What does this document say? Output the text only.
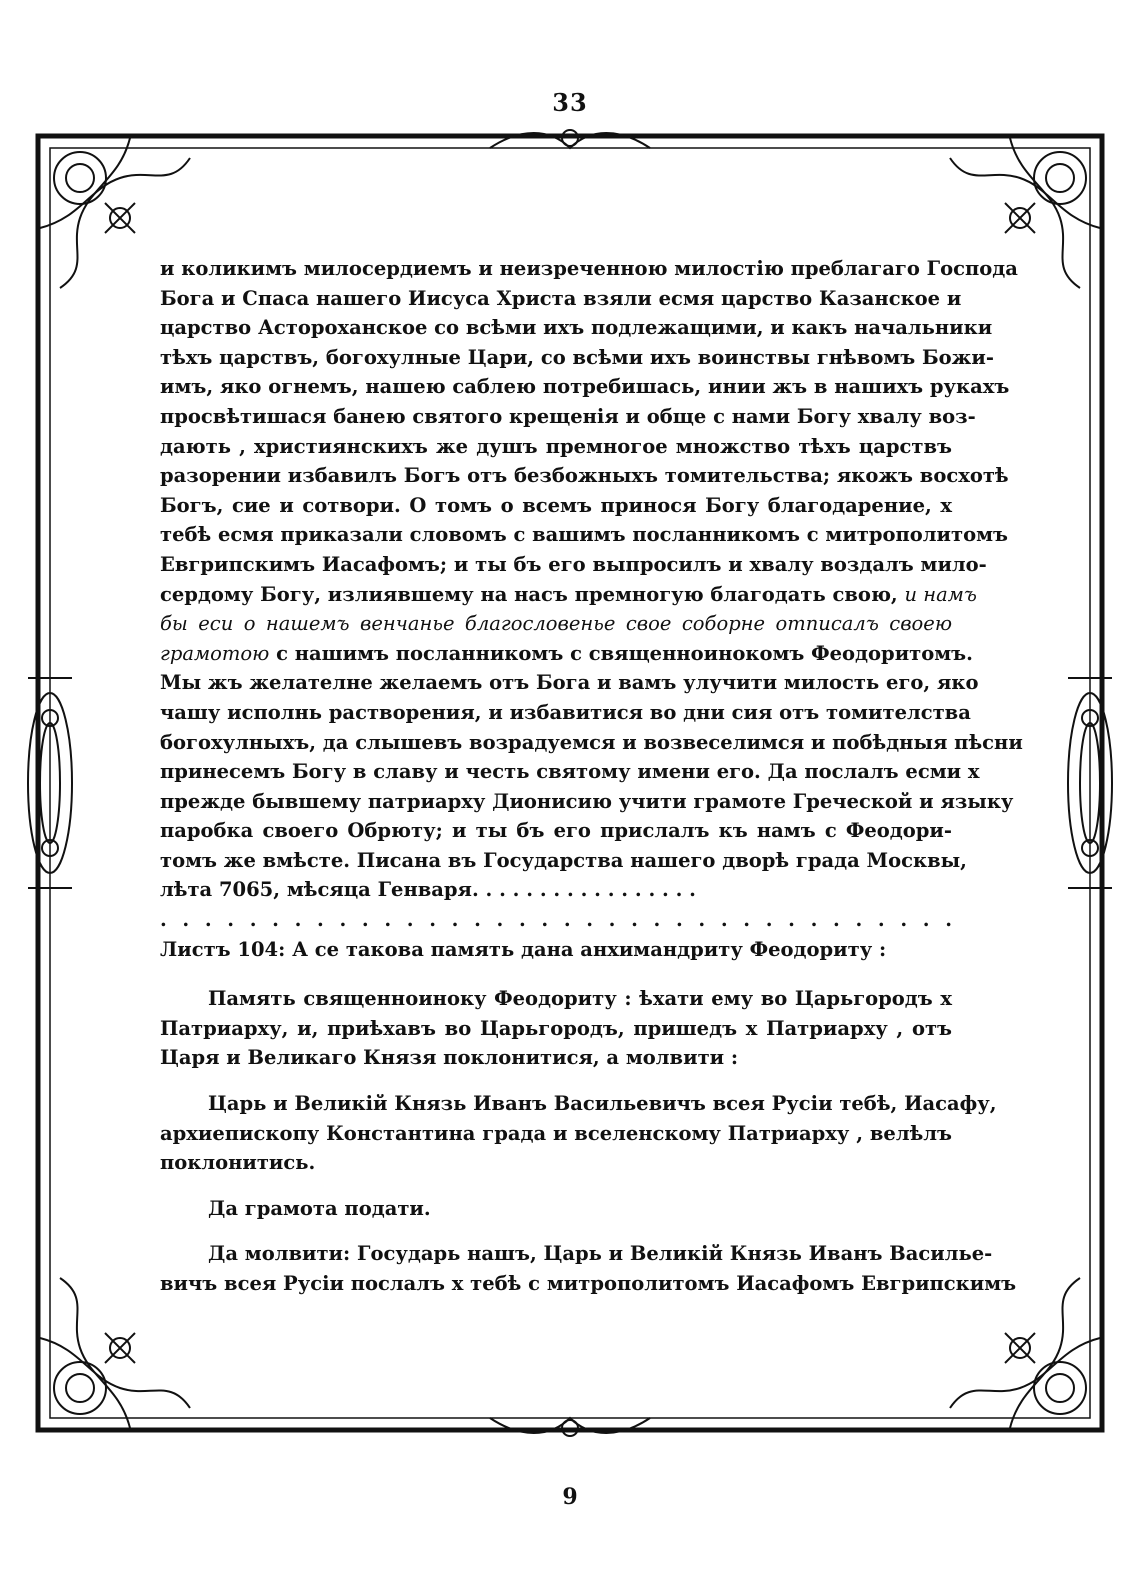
33
и коликимъ милосердиемъ и неизреченною милостію преблагаго Господа
Бога и Спаса нашего Иисуса Христа взяли есмя царство Казанское и
царство Астороханское со всѣми ихъ подлежащими, и какъ начальники
тѣхъ царствъ, богохулные Цари, со всѣми ихъ воинствы гнѣвомъ Божи-
имъ, яко огнемъ, нашею саблею потребишась, инии жъ в нашихъ рукахъ
просвѣтишася банею святого крещенія и обще с нами Богу хвалу воз-
дають , християнскихъ же душъ премногое множство тѣхъ царствъ
разорении избавилъ Богъ отъ безбожныхъ томительства; якожъ восхотѣ
Богъ, сие и сотвори. О томъ о всемъ принося Богу благодарение, х
тебѣ есмя приказали словомъ с вашимъ посланникомъ с митрополитомъ
Евгрипскимъ Иасафомъ; и ты бъ его выпросилъ и хвалу воздалъ мило-
сердому Богу, излиявшему на насъ премногую благодать свою, и намъ
бы еси о нашемъ венчанье благословенье свое соборне отписалъ своею
грамотою с нашимъ посланникомъ с священноинокомъ Феодоритомъ.
Мы жъ желателне желаемъ отъ Бога и вамъ улучити милость его, яко
чашу исполнь растворения, и избавитися во дни сия отъ томителства
богохулныхъ, да слышевъ возрадуемся и возвеселимся и побѣдныя пѣсни
принесемъ Богу в славу и честь святому имени его. Да послалъ есми х
прежде бывшему патриарху Дионисию учити грамоте Греческой и языку
паробка своего Обрюту; и ты бъ его прислалъ къ намъ с Феодори-
томъ же вмѣсте. Писана въ Государства нашего дворѣ града Москвы,
лѣта 7065, мѣсяца Генваря. . . . . . . . . . . . . . . . .
. . . . . . . . . . . . . . . . . . . . . . . . . . . . . . . . . . . .
Листъ 104: А се такова память дана анхимандриту Феодориту :
Память священноиноку Феодориту : ѣхати ему во Царьгородъ х
Патриарху, и, приѣхавъ во Царьгородъ, пришедъ х Патриарху , отъ
Царя и Великаго Князя поклонитися, а молвити :
Царь и Великій Князь Иванъ Васильевичъ всея Русіи тебѣ, Иасафу,
архиепископу Константина града и вселенскому Патриарху , велѣлъ
поклонитись.
Да грамота подати.
Да молвити: Государь нашъ, Царь и Великій Князь Иванъ Василье-
вичъ всея Русіи послалъ х тебѣ с митрополитомъ Иасафомъ Евгрипскимъ
9
